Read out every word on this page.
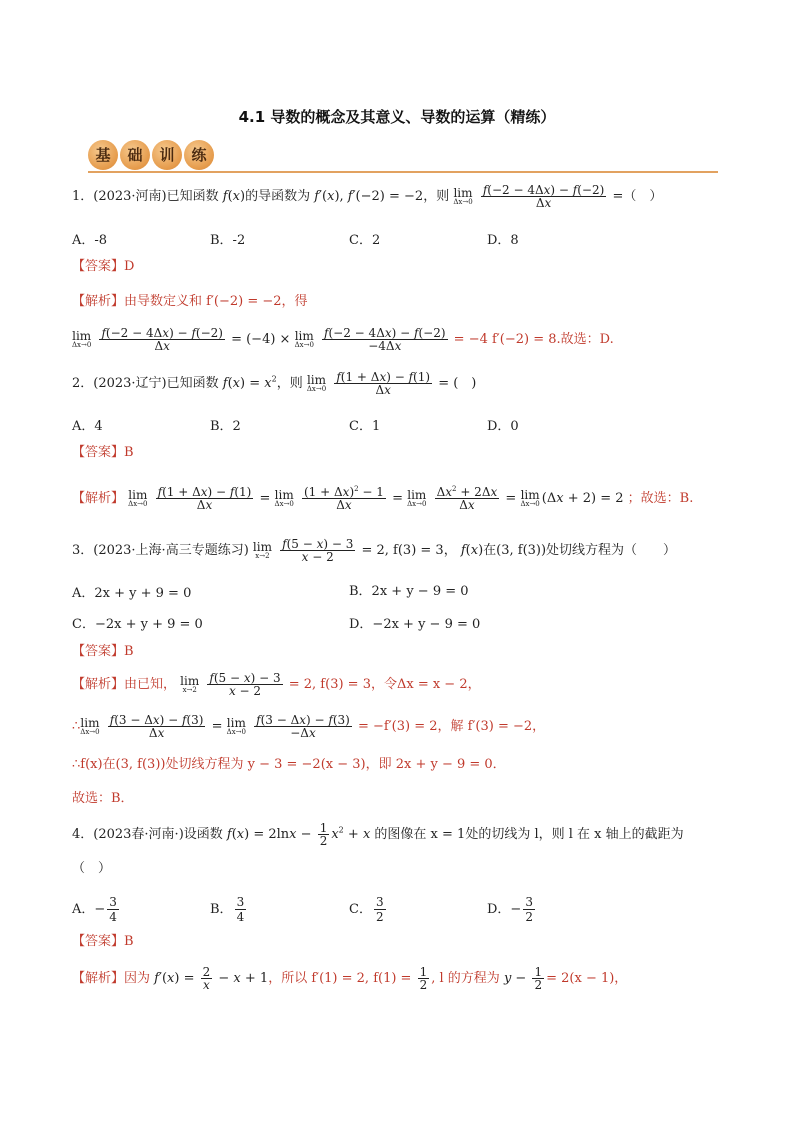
4.1 导数的概念及其意义、导数的运算（精练）
基	础	训	练
1．(2023·河南)已知函数 f(x)的导函数为 f′(x), f′(−2) = −2，则 lim
Δx→0
$\frac{f(-2 - 4\Delta x) - f(-2)}{\Delta x}$ =（　）
A．-8	B．-2	C．2	D．8
【答案】D
【解析】由导数定义和 f′(−2) = −2，得
lim
Δx→0
$\frac{f(-2 - 4\Delta x) - f(-2)}{\Delta x} = (-4) \times \lim$
Δx→0
$\frac{f(-2 - 4\Delta x) - f(-2)}{-4\Delta x} = -4$ f′(−2) = 8.故选：D.
2．(2023·辽宁)已知函数 $f(x) = x^2$，则 lim
Δx→0
$\frac{f(1 + \Delta x) - f(1)}{\Delta x}$ = (　)
A．4	B．2	C．1	D．0
【答案】B
【解析】 lim
Δx→0
$\frac{f(1 + \Delta x) - f(1)}{\Delta x} = \lim$
Δx→0
$\frac{(1 + \Delta x)^2 - 1}{\Delta x} = \lim$
Δx→0
$\frac{\Delta x^2 + 2\Delta x}{\Delta x} = \lim$
Δx→0 (Δx + 2) = 2 ；故选：B.
3．(2023·上海·高三专题练习) lim
x→2
$\frac{f(5 - x) - 3}{x - 2} = 2$, f(3) = 3， f(x)在(3, f(3))处切线方程为（　　）
A．2x + y + 9 = 0	B．2x + y − 9 = 0
C．−2x + y + 9 = 0	D．−2x + y − 9 = 0
【答案】B
【解析】由已知， lim
x→2
$\frac{f(5 - x) - 3}{x - 2} = 2$, f(3) = 3，令Δx = x − 2，
∴ lim
Δx→0
$\frac{f(3 - \Delta x) - f(3)}{\Delta x} = \lim$
Δx→0
$\frac{f(3 - \Delta x) - f(3)}{-\Delta x} = -f'(3) = 2$，解 f′(3) = −2，
∴f(x)在(3, f(3))处切线方程为 y − 3 = −2(x − 3)，即 2x + y − 9 = 0．
故选：B．
4．(2023春·河南·)设函数 $f(x) = 2\ln x - \frac{1}{2} x^2 + x$ 的图像在 x = 1处的切线为 l，则 l 在 x 轴上的截距为
（　）
A．− $\frac{3}{4}$	B． $\frac{3}{4}$	C． $\frac{3}{2}$	D．− $\frac{3}{2}$
【答案】B
【解析】因为 $f'(x) = \frac{2}{x} - x + 1$，所以 f′(1) = 2, $f(1) = \frac{1}{2}$ , l 的方程为 $y - \frac{1}{2} = 2(x - 1)$，
